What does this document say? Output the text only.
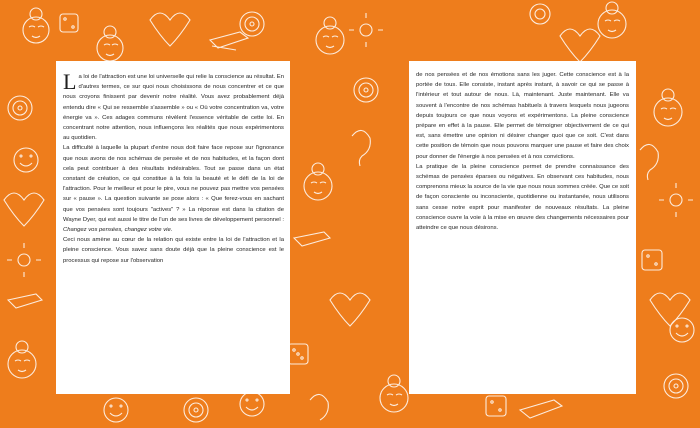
La loi de l'attraction est une loi universelle qui relie la conscience au résultat. En d'autres termes, ce sur quoi nous choisissons de nous concentrer et ce que nous croyons finissent par devenir notre réalité. Vous avez probablement déjà entendu dire « Qui se ressemble s'assemble » ou « Où votre concentration va, votre énergie va ». Ces adages communs révèlent l'essence véritable de cette loi. En concentrant notre attention, nous influençons les réalités que nous expérimentons au quotidien.

La difficulté à laquelle la plupart d'entre nous doit faire face repose sur l'ignorance que nous avons de nos schémas de pensée et de nos habitudes, et la façon dont cela peut contribuer à des résultats indésirables. Tout se passe dans un état constant de création, ce qui constitue à la fois la beauté et le défi de la loi de l'attraction. Pour le meilleur et pour le pire, vous ne pouvez pas mettre vos pensées sur « pause ». La question suivante se pose alors : « Que ferez-vous en sachant que vos pensées sont toujours "actives" ? » La réponse est dans la citation de Wayne Dyer, qui est aussi le titre de l'un de ses livres de développement personnel : Changez vos pensées, changez votre vie.

Ceci nous amène au cœur de la relation qui existe entre la loi de l'attraction et la pleine conscience. Vous savez sans doute déjà que la pleine conscience est le processus qui repose sur l'observation

de nos pensées et de nos émotions sans les juger. Cette conscience est à la portée de tous. Elle consiste, instant après instant, à savoir ce qui se passe à l'intérieur et tout autour de nous. Là, maintenant. Juste maintenant. Elle va souvent à l'encontre de nos schémas habituels à travers lesquels nous jugeons depuis toujours ce que nous voyons et expérimentons. La pleine conscience prépare en effet à la pause. Elle permet de témoigner objectivement de ce qui est, sans émettre une opinion ni désirer changer quoi que ce soit. C'est dans cette position de témoin que nous pouvons marquer une pause et faire des choix pour donner de l'énergie à nos pensées et à nos convictions.

La pratique de la pleine conscience permet de prendre connaissance des schémas de pensées éparses ou négatives. En observant ces habitudes, nous comprenons mieux la source de la vie que nous nous sommes créée. Que ce soit de façon consciente ou inconsciente, quotidienne ou instantanée, nous utilisons sans cesse notre esprit pour manifester de nouveaux résultats. La pleine conscience ouvre la voie à la mise en œuvre des changements nécessaires pour atteindre ce que nous désirons.
